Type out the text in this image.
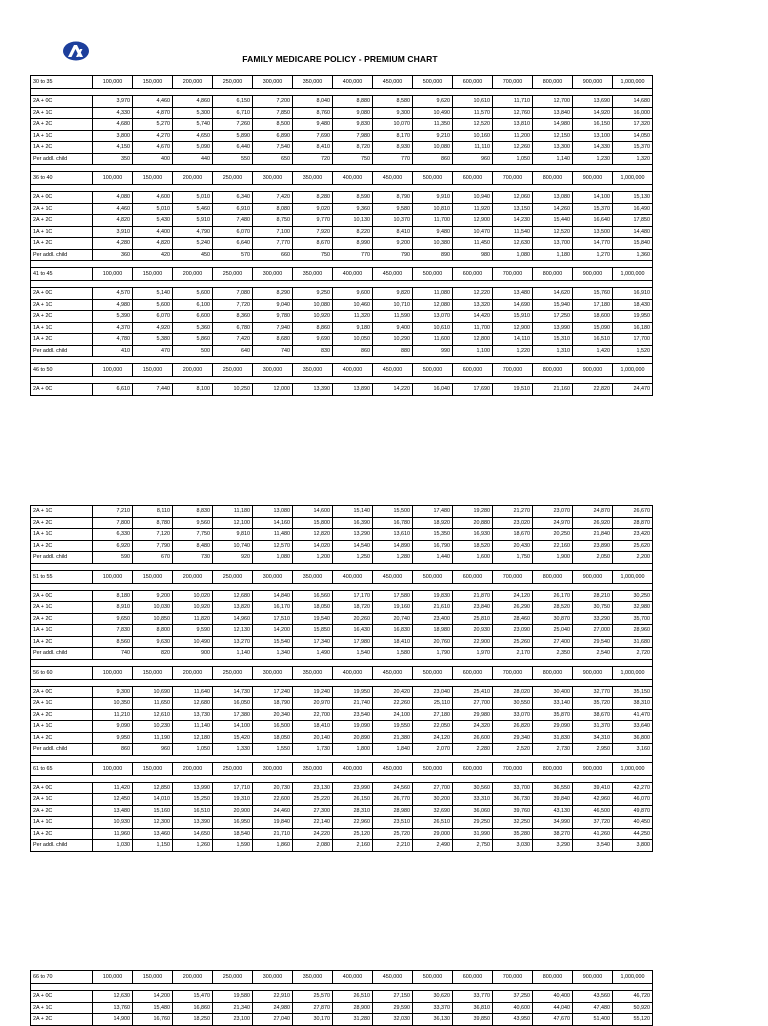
FAMILY MEDICARE POLICY - PREMIUM CHART
30 to 35	100,000	150,000	200,000	250,000	300,000	350,000	400,000	450,000	500,000	600,000	700,000	800,000	900,000	1,000,000

2A + 0C	3,970	4,460	4,860	6,150	7,200	8,040	8,880	8,580	9,620	10,610	11,710	12,700	13,690	14,680
2A + 1C	4,330	4,870	5,300	6,710	7,850	8,760	9,080	9,300	10,490	11,570	12,760	13,840	14,920	16,000
2A + 2C	4,680	5,270	5,740	7,260	8,500	9,480	9,830	10,070	11,350	12,520	13,810	14,980	16,150	17,320
1A + 1C	3,800	4,270	4,650	5,890	6,890	7,690	7,980	8,170	9,210	10,160	11,200	12,150	13,100	14,050
1A + 2C	4,150	4,670	5,090	6,440	7,540	8,410	8,720	8,930	10,080	11,110	12,260	13,300	14,330	15,370
Per addl. child	350	400	440	550	650	720	750	770	860	960	1,050	1,140	1,230	1,320

36 to 40	100,000	150,000	200,000	250,000	300,000	350,000	400,000	450,000	500,000	600,000	700,000	800,000	900,000	1,000,000

2A + 0C	4,080	4,600	5,010	6,340	7,420	8,280	8,590	8,790	9,910	10,940	12,060	13,080	14,100	15,130
2A + 1C	4,460	5,010	5,460	6,910	8,080	9,020	9,360	9,580	10,810	11,920	13,150	14,260	15,370	16,490
2A + 2C	4,820	5,430	5,910	7,480	8,750	9,770	10,130	10,370	11,700	12,900	14,230	15,440	16,640	17,850
1A + 1C	3,910	4,400	4,790	6,070	7,100	7,920	8,220	8,410	9,480	10,470	11,540	12,520	13,500	14,480
1A + 2C	4,280	4,820	5,240	6,640	7,770	8,670	8,990	9,200	10,380	11,450	12,630	13,700	14,770	15,840
Per addl. child	360	420	450	570	660	750	770	790	890	980	1,080	1,180	1,270	1,360

41 to 45	100,000	150,000	200,000	250,000	300,000	350,000	400,000	450,000	500,000	600,000	700,000	800,000	900,000	1,000,000

2A + 0C	4,570	5,140	5,600	7,080	8,290	9,250	9,600	9,820	11,080	12,220	13,480	14,620	15,760	16,910
2A + 1C	4,980	5,600	6,100	7,720	9,040	10,080	10,460	10,710	12,080	13,320	14,690	15,940	17,180	18,430
2A + 2C	5,390	6,070	6,600	8,360	9,780	10,920	11,320	11,590	13,070	14,420	15,910	17,250	18,600	19,950
1A + 1C	4,370	4,920	5,360	6,780	7,940	8,860	9,180	9,400	10,610	11,700	12,900	13,990	15,090	16,180
1A + 2C	4,780	5,380	5,860	7,420	8,680	9,690	10,050	10,290	11,600	12,800	14,110	15,310	16,510	17,700
Per addl. child	410	470	500	640	740	830	860	880	990	1,100	1,220	1,310	1,420	1,520

46 to 50	100,000	150,000	200,000	250,000	300,000	350,000	400,000	450,000	500,000	600,000	700,000	800,000	900,000	1,000,000

2A + 0C	6,610	7,440	8,100	10,250	12,000	13,390	13,890	14,220	16,040	17,690	19,510	21,160	22,820	24,470
2A + 1C	7,210	8,110	8,830	11,180	13,080	14,600	15,140	15,500	17,480	19,280	21,270	23,070	24,870	26,670
2A + 2C	7,800	8,780	9,560	12,100	14,160	15,800	16,390	16,780	18,920	20,880	23,020	24,970	26,920	28,870
1A + 1C	6,330	7,120	7,750	9,810	11,480	12,820	13,290	13,610	15,350	16,930	18,670	20,250	21,840	23,420
1A + 2C	6,920	7,790	8,480	10,740	12,570	14,020	14,540	14,890	16,790	18,520	20,430	22,160	23,890	25,620
Per addl. child	590	670	730	920	1,080	1,200	1,250	1,280	1,440	1,600	1,750	1,900	2,050	2,200

51 to 55	100,000	150,000	200,000	250,000	300,000	350,000	400,000	450,000	500,000	600,000	700,000	800,000	900,000	1,000,000

2A + 0C	8,180	9,200	10,020	12,680	14,840	16,560	17,170	17,580	19,830	21,870	24,120	26,170	28,210	30,250
2A + 1C	8,910	10,030	10,920	13,820	16,170	18,050	18,720	19,160	21,610	23,840	26,290	28,520	30,750	32,980
2A + 2C	9,650	10,850	11,820	14,960	17,510	19,540	20,260	20,740	23,400	25,810	28,460	30,870	33,290	35,700
1A + 1C	7,830	8,800	9,590	12,130	14,200	15,850	16,430	16,830	18,980	20,930	23,090	25,040	27,000	28,960
1A + 2C	8,560	9,630	10,490	13,270	15,540	17,340	17,980	18,410	20,760	22,900	25,260	27,400	29,540	31,680
Per addl. child	740	820	900	1,140	1,340	1,490	1,540	1,580	1,790	1,970	2,170	2,350	2,540	2,720

56 to 60	100,000	150,000	200,000	250,000	300,000	350,000	400,000	450,000	500,000	600,000	700,000	800,000	900,000	1,000,000

2A + 0C	9,300	10,690	11,640	14,730	17,240	19,240	19,950	20,420	23,040	25,410	28,020	30,400	32,770	35,150
2A + 1C	10,350	11,650	12,680	16,050	18,790	20,970	21,740	22,260	25,110	27,700	30,550	33,140	35,720	38,310
2A + 2C	11,210	12,610	13,730	17,380	20,340	22,700	23,540	24,100	27,180	29,980	33,070	35,870	38,670	41,470
1A + 1C	9,090	10,230	11,140	14,100	16,500	18,410	19,090	19,550	22,050	24,320	26,820	29,090	31,370	33,640
1A + 2C	9,950	11,190	12,180	15,420	18,050	20,140	20,890	21,380	24,120	26,600	29,340	31,830	34,310	36,800
Per addl. child	860	960	1,050	1,330	1,550	1,730	1,800	1,840	2,070	2,280	2,520	2,730	2,950	3,160

61 to 65	100,000	150,000	200,000	250,000	300,000	350,000	400,000	450,000	500,000	600,000	700,000	800,000	900,000	1,000,000

2A + 0C	11,420	12,850	13,990	17,710	20,730	23,130	23,990	24,560	27,700	30,560	33,700	36,550	39,410	42,270
2A + 1C	12,450	14,010	15,250	19,310	22,600	25,220	26,150	26,770	30,200	33,310	36,730	39,840	42,960	46,070
2A + 2C	13,480	15,160	16,510	20,900	24,460	27,300	28,310	28,980	32,690	36,060	39,760	43,130	46,500	49,870
1A + 1C	10,930	12,300	13,390	16,950	19,840	22,140	22,960	23,510	26,510	29,250	32,250	34,990	37,720	40,450
1A + 2C	11,960	13,460	14,650	18,540	21,710	24,220	25,120	25,720	29,000	31,990	35,280	38,270	41,260	44,250
Per addl. child	1,030	1,150	1,260	1,590	1,860	2,080	2,160	2,210	2,490	2,750	3,030	3,290	3,540	3,800
66 to 70	100,000	150,000	200,000	250,000	300,000	350,000	400,000	450,000	500,000	600,000	700,000	800,000	900,000	1,000,000

2A + 0C	12,630	14,200	15,470	19,580	22,910	25,570	26,510	27,150	30,620	33,770	37,250	40,400	43,560	46,720
2A + 1C	13,760	15,480	16,860	21,340	24,980	27,870	28,900	29,590	33,370	36,810	40,600	44,040	47,480	50,920
2A + 2C	14,900	16,760	18,250	23,100	27,040	30,170	31,280	32,030	36,130	39,850	43,950	47,670	51,400	55,120
